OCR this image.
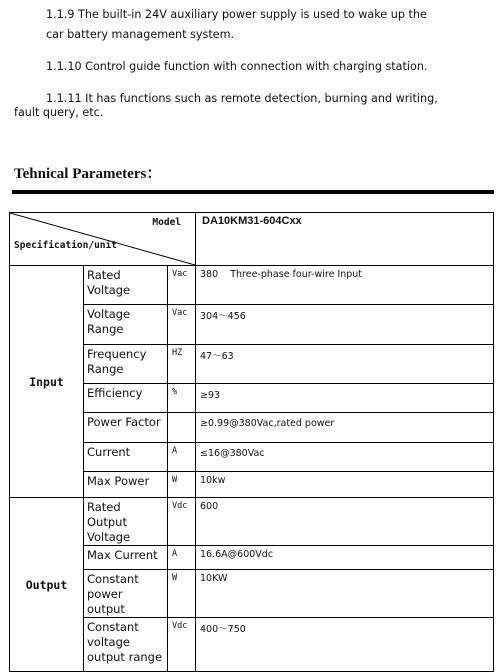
1.1.9 The built-in 24V auxiliary power supply is used to wake up the

car battery management system.

1.1.10 Control guide function with connection with charging station.

1.1.11 It has functions such as remote detection, burning and writing,

fault query, etc.

Tehnical Parameters：
Model
Specification/unit			DA10KM31-604Cxx
Input	Rated Voltage	Vac	380    Three-phase four-wire Input
	Voltage Range	Vac	304～456
	Frequency Range	HZ	47～63
	Efficiency	%	≥93
	Power Factor		≥0.99@380Vac,rated power
	Current	A	≤16@380Vac
	Max Power	W	10kw
Output	Rated Output Voltage	Vdc	600
	Max Current	A	16.6A@600Vdc
	Constant power output	W	10KW
	Constant voltage output range	Vdc	400～750
